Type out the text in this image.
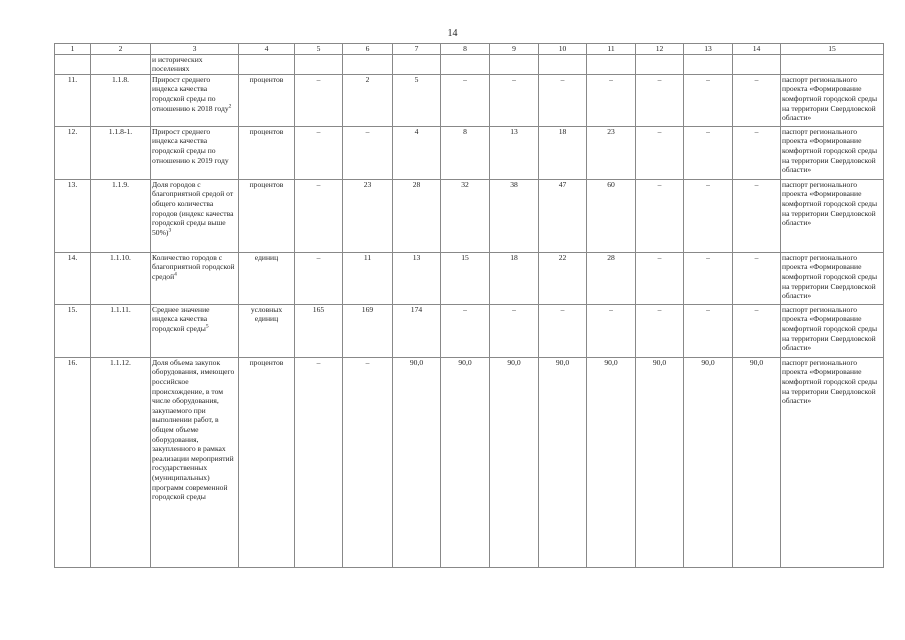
14
1	2	3	4	5	6	7	8	9	10	11	12	13	14	15
		и исторических поселениях												
11.	1.1.8.	Прирост среднего индекса качества городской среды по отношению к 2018 году$^2$	процентов	–	2	5	–	–	–	–	–	–	–	паспорт регионального проекта «Формирование комфортной городской среды на территории Свердловской области»
12.	1.1.8-1.	Прирост среднего индекса качества городской среды по отношению к 2019 году	процентов	–	–	4	8	13	18	23	–	–	–	паспорт регионального проекта «Формирование комфортной городской среды на территории Свердловской области»
13.	1.1.9.	Доля городов с благоприятной средой от общего количества городов (индекс качества городской среды выше 50%)$^3$	процентов	–	23	28	32	38	47	60	–	–	–	паспорт регионального проекта «Формирование комфортной городской среды на территории Свердловской области»
14.	1.1.10.	Количество городов с благоприятной городской средой$^4$	единиц	–	11	13	15	18	22	28	–	–	–	паспорт регионального проекта «Формирование комфортной городской среды на территории Свердловской области»
15.	1.1.11.	Среднее значение индекса качества городской среды$^5$	условных единиц	165	169	174	–	–	–	–	–	–	–	паспорт регионального проекта «Формирование комфортной городской среды на территории Свердловской области»
16.	1.1.12.	Доля объема закупок оборудования, имеющего российское происхождение, в том числе оборудования, закупаемого при выполнении работ, в общем объеме оборудования, закупленного в рамках реализации мероприятий государственных (муниципальных) программ современной городской среды	процентов	–	–	90,0	90,0	90,0	90,0	90,0	90,0	90,0	90,0	паспорт регионального проекта «Формирование комфортной городской среды на территории Свердловской области»
